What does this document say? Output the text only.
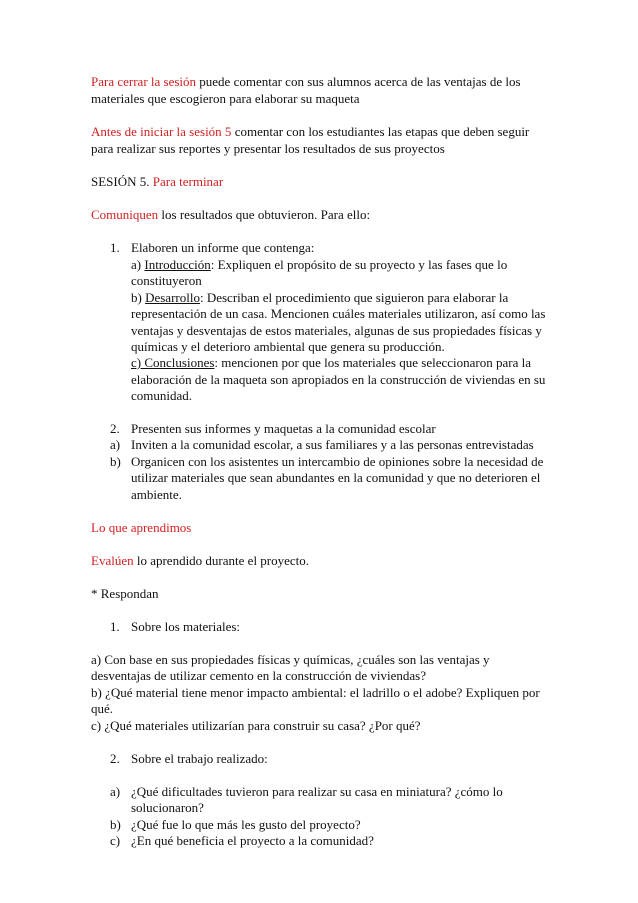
Para cerrar la sesión puede comentar con sus alumnos acerca de las ventajas de los
materiales que escogieron para elaborar su maqueta
Antes de iniciar la sesión 5 comentar con los estudiantes las etapas que deben seguir
para realizar sus reportes y presentar los resultados de sus proyectos
SESIÓN 5. Para terminar
Comuniquen los resultados que obtuvieron. Para ello:
1. Elaboren un informe que contenga:
a) Introducción: Expliquen el propósito de su proyecto y las fases que lo
constituyeron
b) Desarrollo: Describan el procedimiento que siguieron para elaborar la
representación de un casa. Mencionen cuáles materiales utilizaron, así como las
ventajas y desventajas de estos materiales, algunas de sus propiedades físicas y
químicas y el deterioro ambiental que genera su producción.
c) Conclusiones: mencionen por que los materiales que seleccionaron para la
elaboración de la maqueta son apropiados en la construcción de viviendas en su
comunidad.
2. Presenten sus informes y maquetas a la comunidad escolar
a) Inviten a la comunidad escolar, a sus familiares y a las personas entrevistadas
b) Organicen con los asistentes un intercambio de opiniones sobre la necesidad de
utilizar materiales que sean abundantes en la comunidad y que no deterioren el
ambiente.
Lo que aprendimos
Evalúen lo aprendido durante el proyecto.
* Respondan
1. Sobre los materiales:
a) Con base en sus propiedades físicas y químicas, ¿cuáles son las ventajas y
desventajas de utilizar cemento en la construcción de viviendas?
b) ¿Qué material tiene menor impacto ambiental: el ladrillo o el adobe? Expliquen por
qué.
c) ¿Qué materiales utilizarían para construir su casa? ¿Por qué?
2. Sobre el trabajo realizado:
a) ¿Qué dificultades tuvieron para realizar su casa en miniatura? ¿cómo lo
solucionaron?
b) ¿Qué fue lo que más les gusto del proyecto?
c) ¿En qué beneficia el proyecto a la comunidad?
